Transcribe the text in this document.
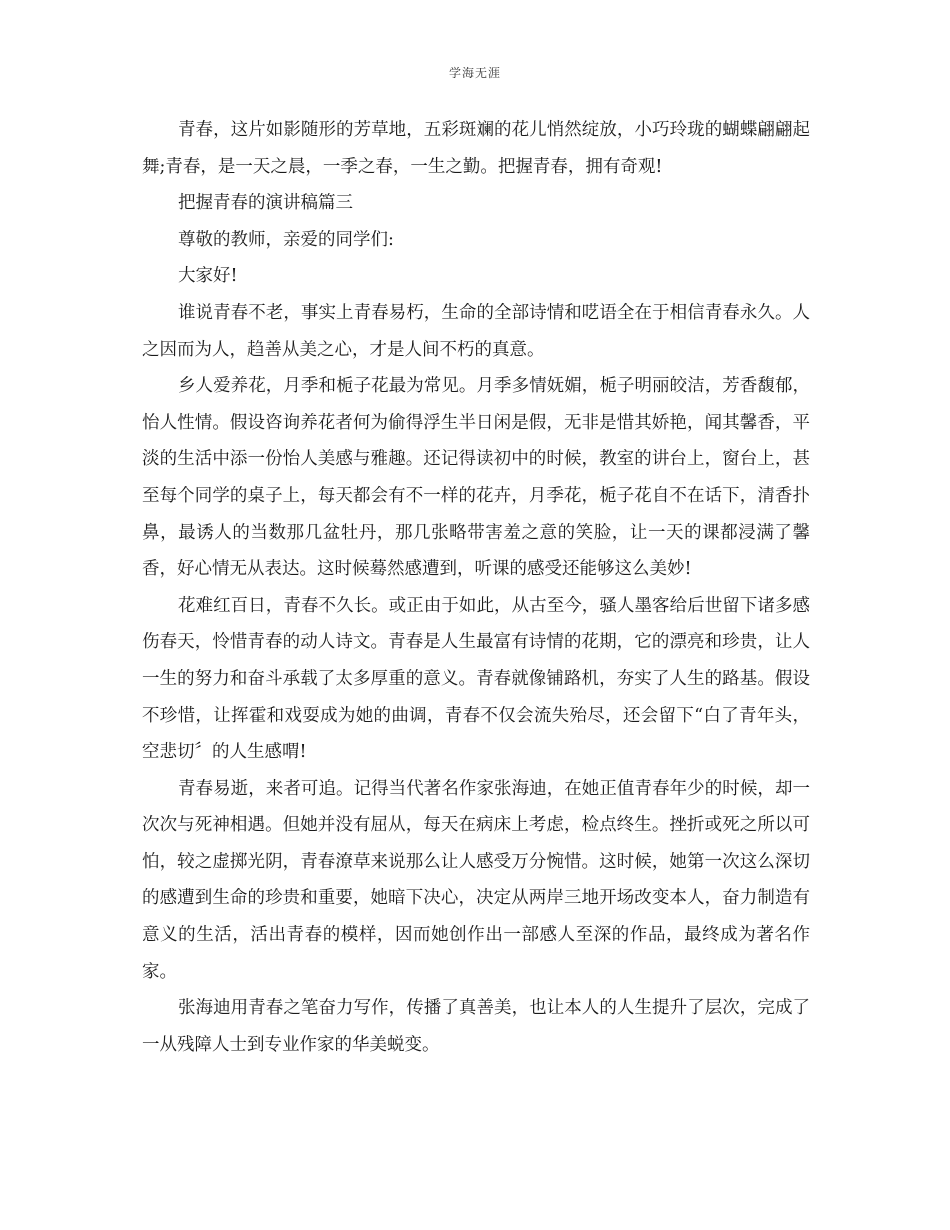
学海无涯

青春，这片如影随形的芳草地，五彩斑斓的花儿悄然绽放，小巧玲珑的蝴蝶翩翩起舞;青春，是一天之晨，一季之春，一生之勤。把握青春，拥有奇观!

把握青春的演讲稿篇三

尊敬的教师，亲爱的同学们:

大家好!

谁说青春不老，事实上青春易朽，生命的全部诗情和呓语全在于相信青春永久。人之因而为人，趋善从美之心，才是人间不朽的真意。

乡人爱养花，月季和栀子花最为常见。月季多情妩媚，栀子明丽皎洁，芳香馥郁，怡人性情。假设咨询养花者何为偷得浮生半日闲是假，无非是惜其娇艳，闻其馨香，平淡的生活中添一份怡人美感与雅趣。还记得读初中的时候，教室的讲台上，窗台上，甚至每个同学的桌子上，每天都会有不一样的花卉，月季花，栀子花自不在话下，清香扑鼻，最诱人的当数那几盆牡丹，那几张略带害羞之意的笑脸，让一天的课都浸满了馨香，好心情无从表达。这时候蓦然感遭到，听课的感受还能够这么美妙!

花难红百日，青春不久长。或正由于如此，从古至今，骚人墨客给后世留下诸多感伤春天，怜惜青春的动人诗文。青春是人生最富有诗情的花期，它的漂亮和珍贵，让人一生的努力和奋斗承载了太多厚重的意义。青春就像铺路机，夯实了人生的路基。假设不珍惜，让挥霍和戏耍成为她的曲调，青春不仅会流失殆尽，还会留下“白了青年头，空悲切〞的人生感喟!

青春易逝，来者可追。记得当代著名作家张海迪，在她正值青春年少的时候，却一次次与死神相遇。但她并没有屈从，每天在病床上考虑，检点终生。挫折或死之所以可怕，较之虚掷光阴，青春潦草来说那么让人感受万分惋惜。这时候，她第一次这么深切的感遭到生命的珍贵和重要，她暗下决心，决定从两岸三地开场改变本人，奋力制造有意义的生活，活出青春的模样，因而她创作出一部感人至深的作品，最终成为著名作家。

张海迪用青春之笔奋力写作，传播了真善美，也让本人的人生提升了层次，完成了一从残障人士到专业作家的华美蜕变。
